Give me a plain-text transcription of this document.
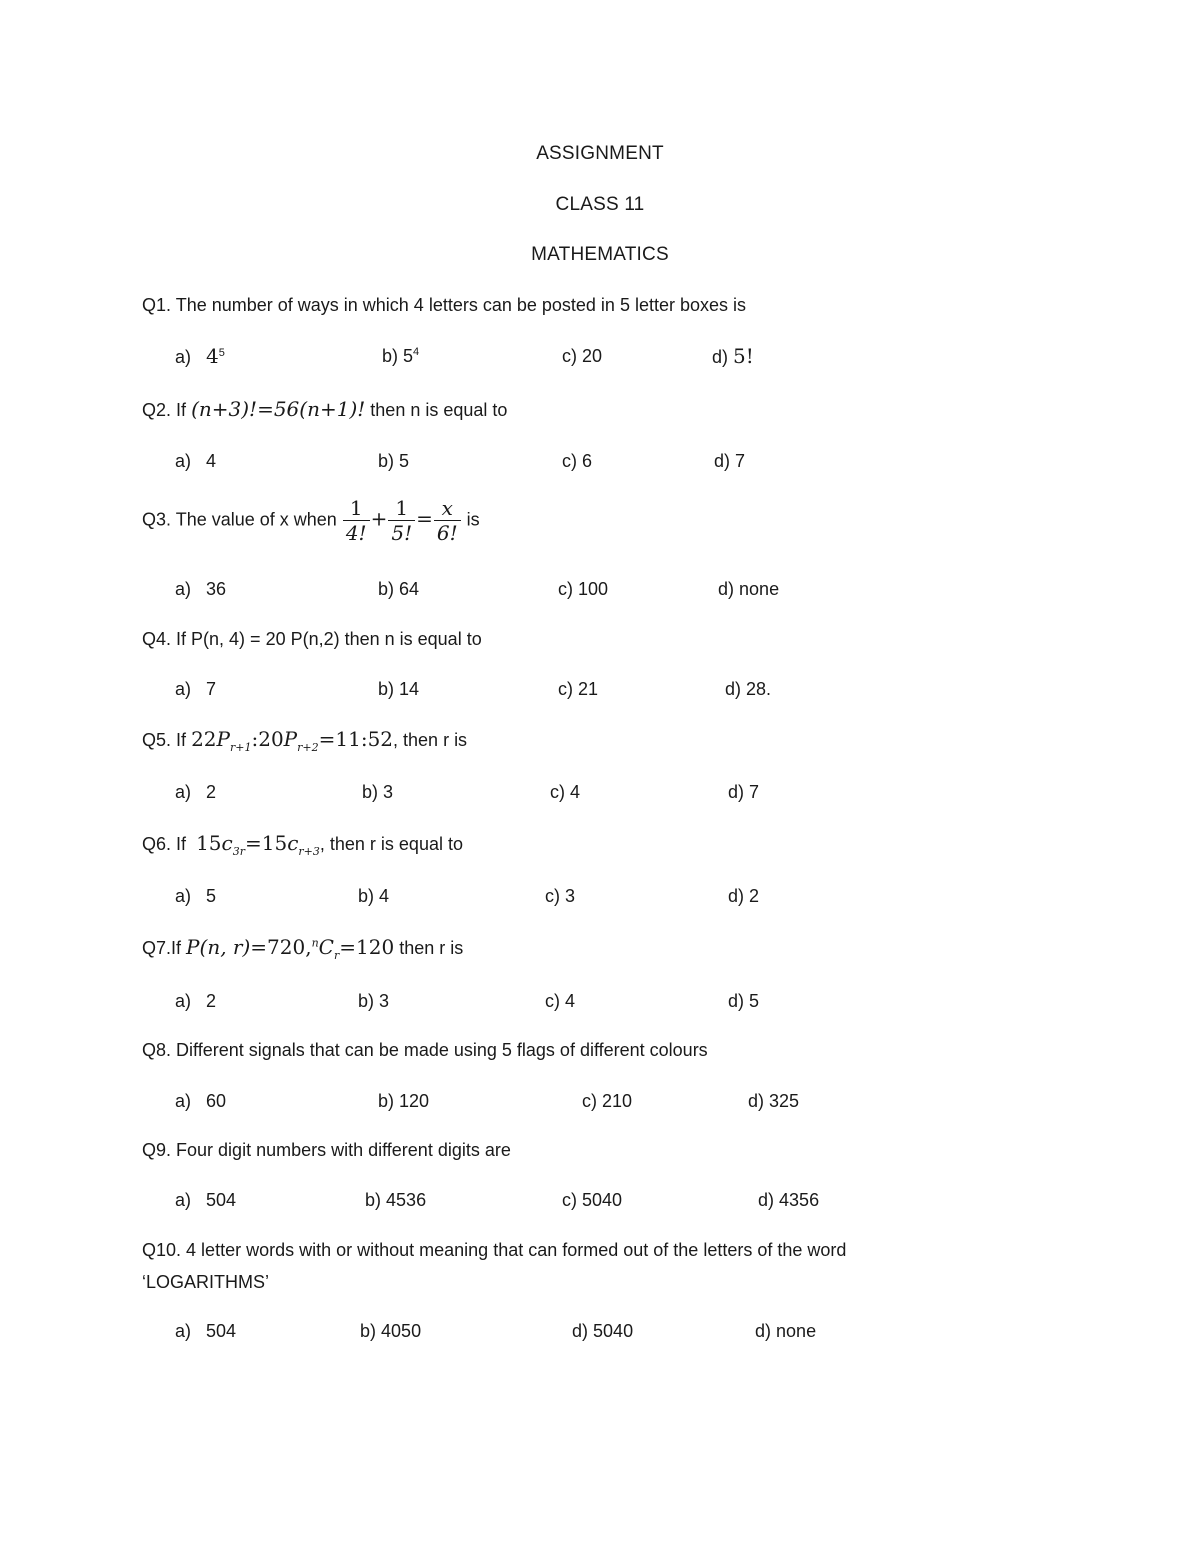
ASSIGNMENT
CLASS 11
MATHEMATICS
Q1. The number of ways in which 4 letters can be posted in 5 letter boxes is
a) $4^5$	b) $5^4$	c) 20	d) 5!
Q2. If (n+3)!=56(n+1)! then n is equal to
a) 4	b) 5	c) 6	d) 7
Q3. The value of x when $\frac{1}{4!} + \frac{1}{5!} = \frac{x}{6!}$ is
a) 36	b) 64	c) 100	d) none
Q4. If P(n, 4) = 20 P(n,2) then n is equal to
a) 7	b) 14	c) 21	d) 28.
Q5. If $22P_{r+1}:20P_{r+2}=11:52$, then r is
a) 2	b) 3	c) 4	d) 7
Q6. If $15c_{3r}=15c_{r+3}$, then r is equal to
a) 5	b) 4	c) 3	d) 2
Q7.If P(n, $r)=720,^nC_r=120$ then r is
a) 2	b) 3	c) 4	d) 5
Q8. Different signals that can be made using 5 flags of different colours
a) 60	b) 120	c) 210	d) 325
Q9. Four digit numbers with different digits are
a) 504	b) 4536	c) 5040	d) 4356
Q10. 4 letter words with or without meaning that can formed out of the letters of the word
‘LOGARITHMS’
a) 504	b) 4050	d) 5040	d) none
